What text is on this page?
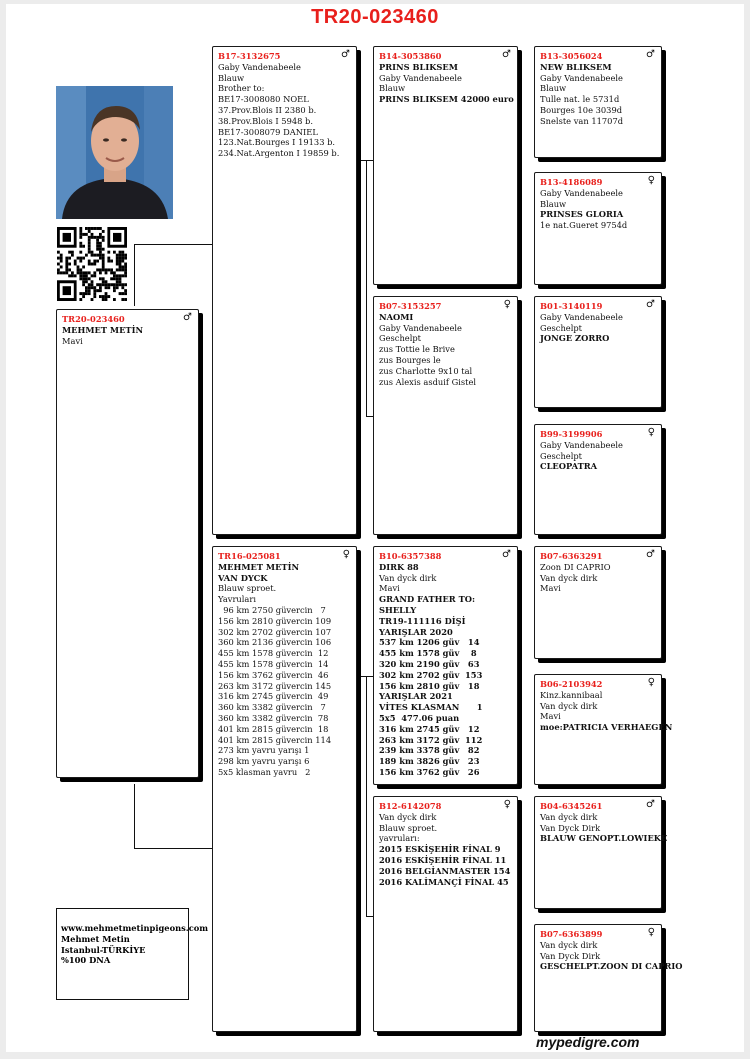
TR20-023460
TR20-023460	♂
MEHMET METİN
Mavi
B17-3132675	♂
Gaby Vandenabeele
Blauw
Brother to:
BE17-3008080 NOEL
37.Prov.Blois II 2380 b.
38.Prov.Blois I 5948 b.
BE17-3008079 DANIEL
123.Nat.Bourges I 19133 b.
234.Nat.Argenton I 19859 b.
TR16-025081	♀
MEHMET METİN
VAN DYCK
Blauw sproet.
Yavruları
96 km 2750 güvercin   7
156 km 2810 güvercin 109
302 km 2702 güvercin 107
360 km 2136 güvercin 106
455 km 1578 güvercin  12
455 km 1578 güvercin  14
156 km 3762 güvercin  46
263 km 3172 güvercin 145
316 km 2745 güvercin  49
360 km 3382 güvercin   7
360 km 3382 güvercin  78
401 km 2815 güvercin  18
401 km 2815 güvercin 114
273 km yavru yarışı 1
298 km yavru yarışı 6
5x5 klasman yavru   2
B14-3053860	♂
PRINS BLIKSEM
Gaby Vandenabeele
Blauw
PRINS BLIKSEM 42000 euro
B07-3153257	♀
NAOMI
Gaby Vandenabeele
Geschelpt
zus Tottie le Brive
zus Bourges le
zus Charlotte 9x10 tal
zus Alexis asduif Gistel
B10-6357388	♂
DIRK 88
Van dyck dirk
Mavi
GRAND FATHER TO:
SHELLY
TR19-111116 DİŞİ
YARIŞLAR 2020
537 km 1206 güv   14
455 km 1578 güv    8
320 km 2190 güv   63
302 km 2702 güv  153
156 km 2810 güv   18
YARIŞLAR 2021
VİTES KLASMAN      1
5x5  477.06 puan
316 km 2745 güv   12
263 km 3172 güv  112
239 km 3378 güv   82
189 km 3826 güv   23
156 km 3762 güv   26
B12-6142078	♀
Van dyck dirk
Blauw sproet.
yavruları:
2015 ESKİŞEHİR FİNAL 9
2016 ESKİŞEHİR FİNAL 11
2016 BELGİANMASTER 154
2016 KALİMANÇİ FİNAL 45
B13-3056024	♂
NEW BLIKSEM
Gaby Vandenabeele
Blauw
Tulle nat. le 5731d
Bourges 10e 3039d
Snelste van 11707d
B13-4186089	♀
Gaby Vandenabeele
Blauw
PRINSES GLORIA
1e nat.Gueret 9754d
B01-3140119	♂
Gaby Vandenabeele
Geschelpt
JONGE ZORRO
B99-3199906	♀
Gaby Vandenabeele
Geschelpt
CLEOPATRA
B07-6363291	♂
Zoon DI CAPRIO
Van dyck dirk
Mavi
B06-2103942	♀
Kinz.kannibaal
Van dyck dirk
Mavi
moe:PATRICIA VERHAEGEN
B04-6345261	♂
Van dyck dirk
Van Dyck Dirk
BLAUW GENOPT.LOWIEKE
B07-6363899	♀
Van dyck dirk
Van Dyck Dirk
GESCHELPT.ZOON DI CAPRIO
www.mehmetmetinpigeons.com
Mehmet Metin
Istanbul-TÜRKİYE
%100 DNA
mypedigre.com
